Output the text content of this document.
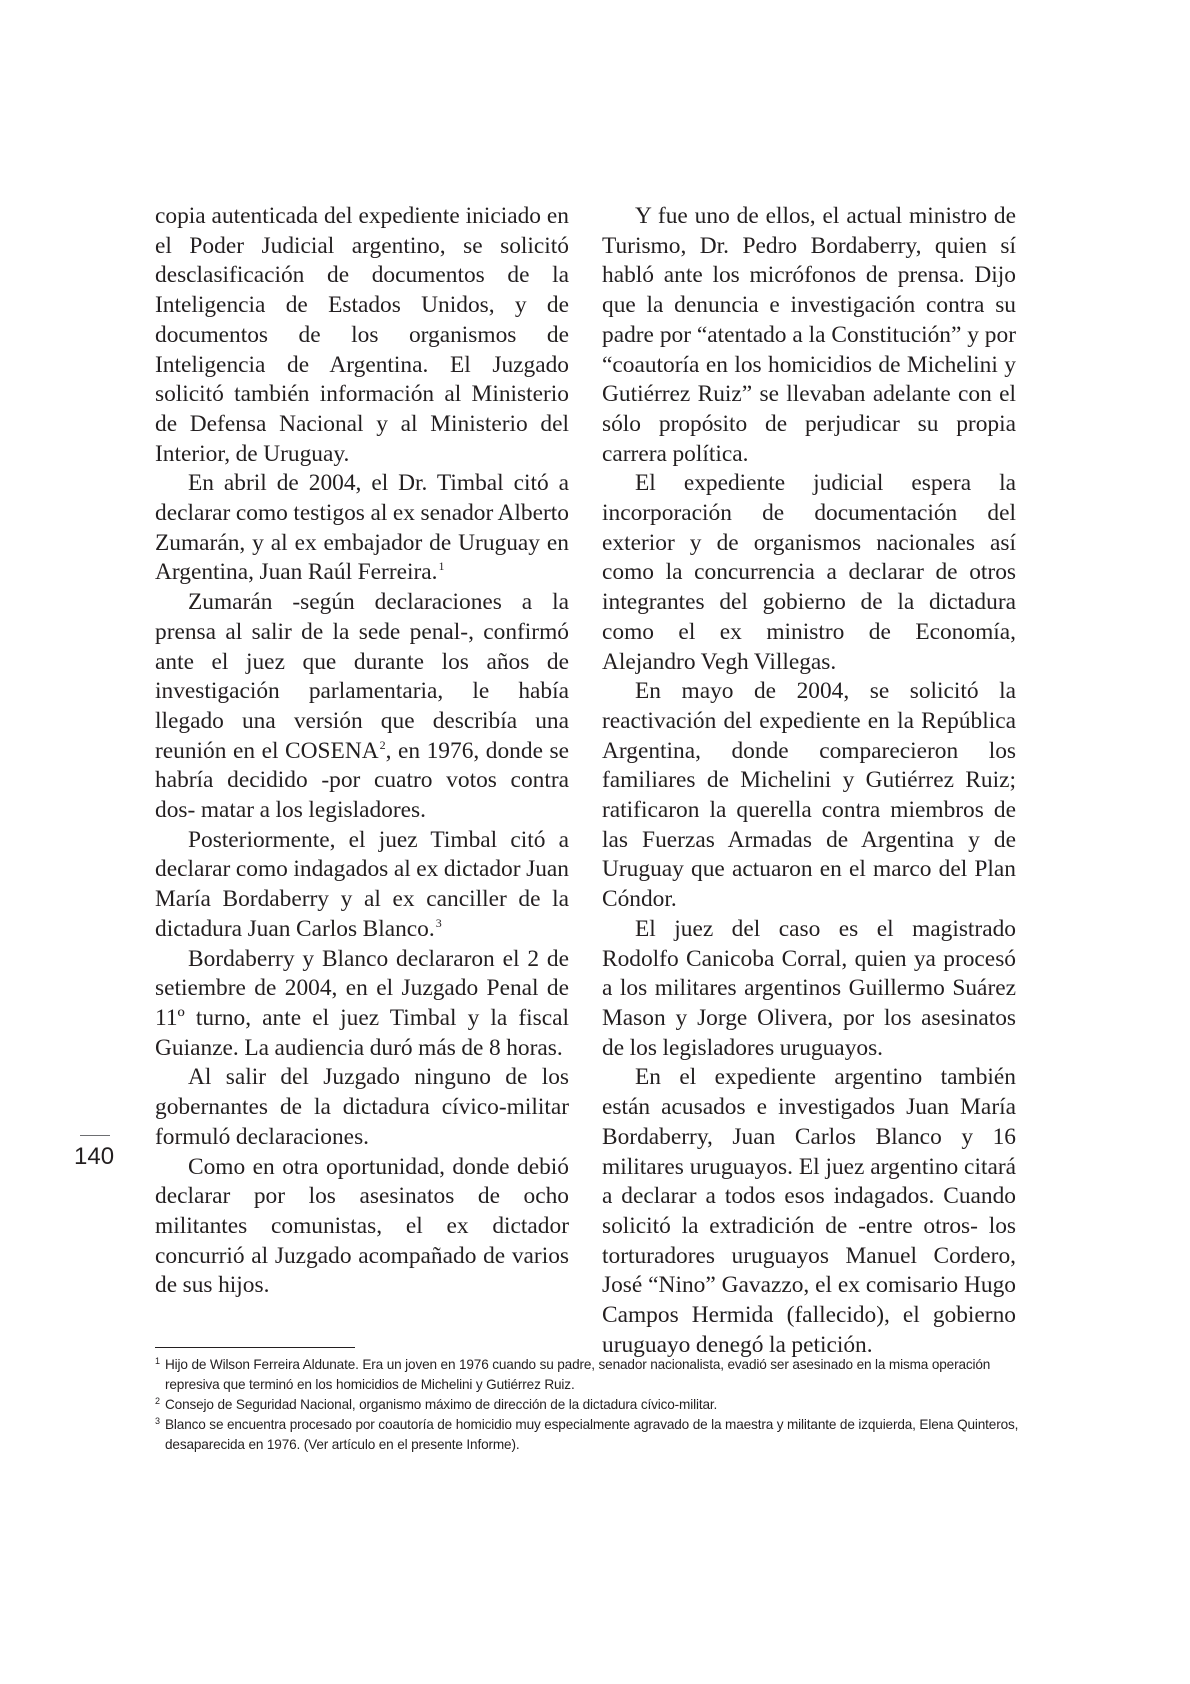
copia autenticada del expediente iniciado en el Poder Judicial argentino, se solicitó desclasificación de documentos de la Inteligencia de Estados Unidos, y de documentos de los organismos de Inteligencia de Argentina. El Juzgado solicitó también información al Ministerio de Defensa Nacional y al Ministerio del Interior, de Uruguay.

En abril de 2004, el Dr. Timbal citó a declarar como testigos al ex senador Alberto Zumarán, y al ex embajador de Uruguay en Argentina, Juan Raúl Ferreira.$^1$

Zumarán -según declaraciones a la prensa al salir de la sede penal-, confirmó ante el juez que durante los años de investigación parlamentaria, le había llegado una versión que describía una reunión en el COSENA$^2$, en 1976, donde se habría decidido -por cuatro votos contra dos- matar a los legisladores.

Posteriormente, el juez Timbal citó a declarar como indagados al ex dictador Juan María Bordaberry y al ex canciller de la dictadura Juan Carlos Blanco.$^3$

Bordaberry y Blanco declararon el 2 de setiembre de 2004, en el Juzgado Penal de 11º turno, ante el juez Timbal y la fiscal Guianze. La audiencia duró más de 8 horas.

Al salir del Juzgado ninguno de los gobernantes de la dictadura cívico-militar formuló declaraciones.

Como en otra oportunidad, donde debió declarar por los asesinatos de ocho militantes comunistas, el ex dictador concurrió al Juzgado acompañado de varios de sus hijos.

Y fue uno de ellos, el actual ministro de Turismo, Dr. Pedro Bordaberry, quien sí habló ante los micrófonos de prensa. Dijo que la denuncia e investigación contra su padre por “atentado a la Constitución” y por “coautoría en los homicidios de Michelini y Gutiérrez Ruiz” se llevaban adelante con el sólo propósito de perjudicar su propia carrera política.

El expediente judicial espera la incorporación de documentación del exterior y de organismos nacionales así como la concurrencia a declarar de otros integrantes del gobierno de la dictadura como el ex ministro de Economía, Alejandro Vegh Villegas.

En mayo de 2004, se solicitó la reactivación del expediente en la República Argentina, donde comparecieron los familiares de Michelini y Gutiérrez Ruiz; ratificaron la querella contra miembros de las Fuerzas Armadas de Argentina y de Uruguay que actuaron en el marco del Plan Cóndor.

El juez del caso es el magistrado Rodolfo Canicoba Corral, quien ya procesó a los militares argentinos Guillermo Suárez Mason y Jorge Olivera, por los asesinatos de los legisladores uruguayos.

En el expediente argentino también están acusados e investigados Juan María Bordaberry, Juan Carlos Blanco y 16 militares uruguayos. El juez argentino citará a declarar a todos esos indagados. Cuando solicitó la extradición de -entre otros- los torturadores uruguayos Manuel Cordero, José “Nino” Gavazzo, el ex comisario Hugo Campos Hermida (fallecido), el gobierno uruguayo denegó la petición.

140

1 Hijo de Wilson Ferreira Aldunate. Era un joven en 1976 cuando su padre, senador nacionalista, evadió ser asesinado en la misma operación represiva que terminó en los homicidios de Michelini y Gutiérrez Ruiz.

2 Consejo de Seguridad Nacional, organismo máximo de dirección de la dictadura cívico-militar.

3 Blanco se encuentra procesado por coautoría de homicidio muy especialmente agravado de la maestra y militante de izquierda, Elena Quinteros, desaparecida en 1976. (Ver artículo en el presente Informe).
